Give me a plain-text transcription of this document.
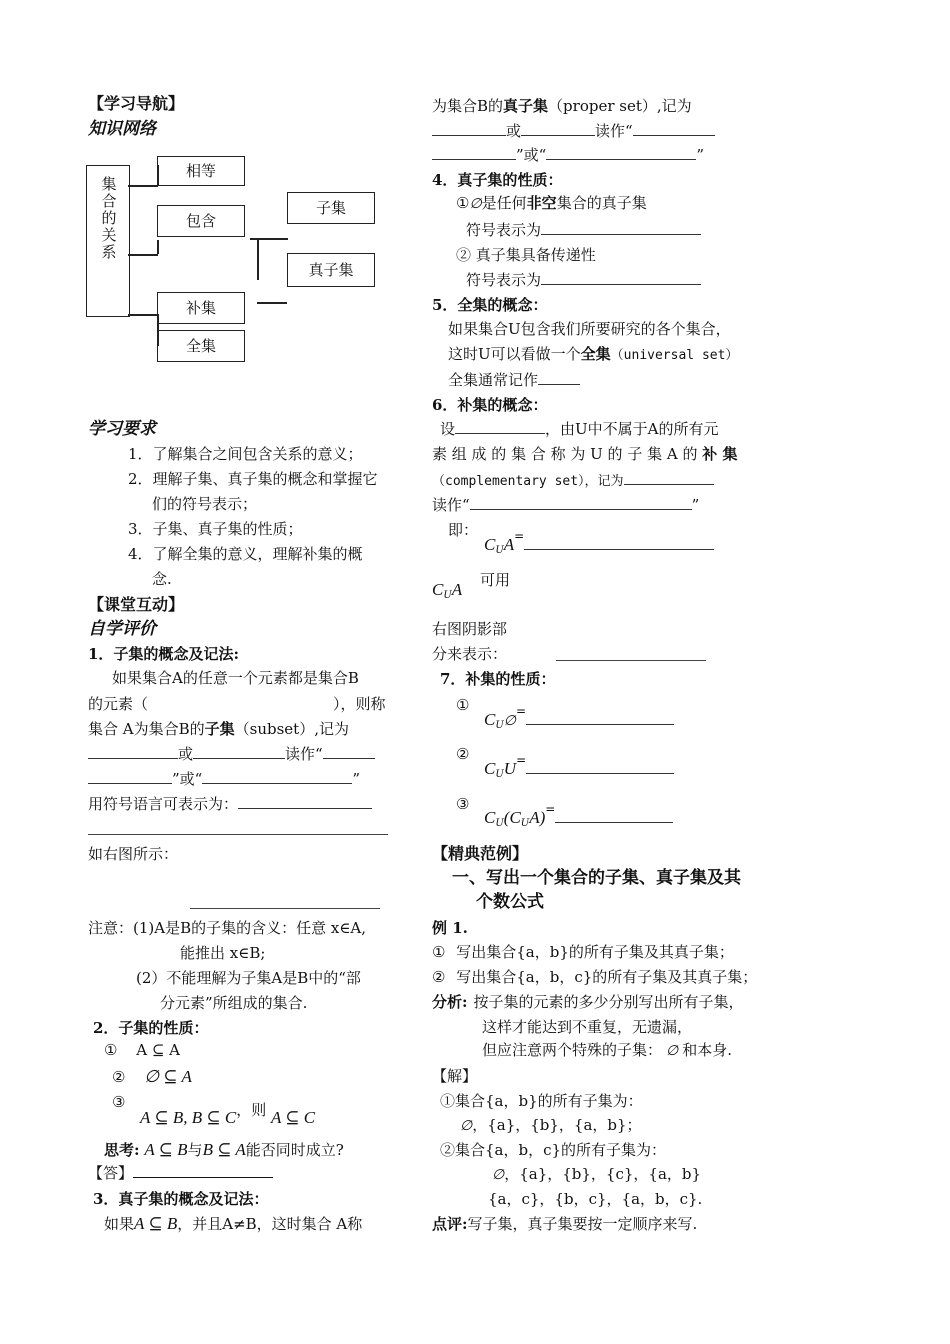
【学习导航】
知识网络
集合的关系
相等
包含
子集
真子集
补集
全集
学习要求
1．了解集合之间包含关系的意义；
2．理解子集、真子集的概念和掌握它
们的符号表示；
3．子集、真子集的性质；
4．了解全集的意义，理解补集的概
念.
【课堂互动】
自学评价
1．子集的概念及记法:
如果集合A的任意一个元素都是集合B
的元素（	），则称
集合 A为集合B的子集（subset）,记为
或	读作“
”或“	”
用符号语言可表示为：
如右图所示：
注意：(1)A是B的子集的含义：任意 x∈A,
能推出 x∈B;
(2）不能理解为子集A是B中的“部
分元素”所组成的集合.
2．子集的性质：
① A ⊆ A
② ∅ ⊆ A
③
A ⊆ B, B ⊆ C，则 A ⊆ C
思考: A ⊆ B与B ⊆ A能否同时成立?
【答】
3．真子集的概念及记法：
如果A ⊆ B，并且A≠B，这时集合 A称
为集合B的真子集（proper set）,记为
或	读作“
”或“	”
4．真子集的性质：
①∅是任何非空集合的真子集
符号表示为
② 真子集具备传递性
符号表示为
5．全集的概念：
如果集合U包含我们所要研究的各个集合，
这时U可以看做一个全集（universal set）
全集通常记作
6．补集的概念：
设	，由U中不属于A的所有元
素 组 成 的 集 合 称 为 U 的 子 集 A 的 补 集
（complementary set），记为
读作“	”
即：
$C_UA^=$
$C_UA$ 可用
右图阴影部
分来表示：
7．补集的性质：
①
$C_U\emptyset^=$
②
$C_UU^=$
③
$C_U(C_UA)^=$
【精典范例】
一、写出一个集合的子集、真子集及其
个数公式
例 1.
① 写出集合{a，b}的所有子集及其真子集；
② 写出集合{a，b，c}的所有子集及其真子集；
分析: 按子集的元素的多少分别写出所有子集，
这样才能达到不重复，无遗漏，
但应注意两个特殊的子集： ∅ 和本身.
【解】
①集合{a，b}的所有子集为：
∅，{a}，{b}，{a，b}；
②集合{a，b，c}的所有子集为：
∅，{a}，{b}，{c}，{a，b}
{a，c}，{b，c}，{a，b，c}.
点评:写子集，真子集要按一定顺序来写.
